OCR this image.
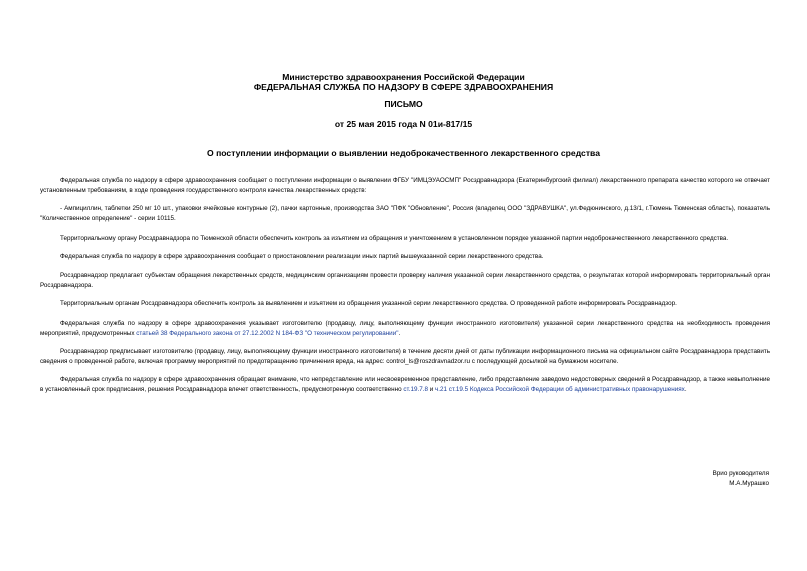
Министерство здравоохранения Российской Федерации
ФЕДЕРАЛЬНАЯ СЛУЖБА ПО НАДЗОРУ В СФЕРЕ ЗДРАВООХРАНЕНИЯ
ПИСЬМО
от 25 мая 2015 года N 01и-817/15
О поступлении информации о выявлении недоброкачественного лекарственного средства

Федеральная служба по надзору в сфере здравоохранения сообщает о поступлении информации о выявлении ФГБУ "ИМЦЭУАОСМП" Росздравнадзора (Екатеринбургский филиал) лекарственного препарата качество которого не отвечает установленным требованиям, в ходе проведения государственного контроля качества лекарственных средств:

- Ампициллин, таблетки 250 мг 10 шт., упаковки ячейковые контурные (2), пачки картонные, производства ЗАО "ПФК "Обновление", Россия (владелец ООО "ЗДРАВУШКА", ул.Федюнинского, д.13/1, г.Тюмень Тюменская область), показатель "Количественное определение" - серии 10115.

Территориальному органу Росздравнадзора по Тюменской области обеспечить контроль за изъятием из обращения и уничтожением в установленном порядке указанной партии недоброкачественного лекарственного средства.

Федеральная служба по надзору в сфере здравоохранения сообщает о приостановлении реализации иных партий вышеуказанной серии лекарственного средства.

Росздравнадзор предлагает субъектам обращения лекарственных средств, медицинским организациям провести проверку наличия указанной серии лекарственного средства, о результатах которой информировать территориальный орган Росздравнадзора.

Территориальным органам Росздравнадзора обеспечить контроль за выявлением и изъятием из обращения указанной серии лекарственного средства. О проведенной работе информировать Росздравнадзор.

Федеральная служба по надзору в сфере здравоохранения указывает изготовителю (продавцу, лицу, выполняющему функции иностранного изготовителя) указанной серии лекарственного средства на необходимость проведения мероприятий, предусмотренных статьей 38 Федерального закона от 27.12.2002 N 184-ФЗ "О техническом регулировании".

Росздравнадзор предписывает изготовителю (продавцу, лицу, выполняющему функции иностранного изготовителя) в течение десяти дней от даты публикации информационного письма на официальном сайте Росздравнадзора представить сведения о проведенной работе, включая программу мероприятий по предотвращению причинения вреда, на адрес: control_ls@roszdravnadzor.ru с последующей досылкой на бумажном носителе.

Федеральная служба по надзору в сфере здравоохранения обращает внимание, что непредставление или несвоевременное представление, либо представление заведомо недостоверных сведений в Росздравнадзор, а также невыполнение в установленный срок предписания, решения Росздравнадзора влечет ответственность, предусмотренную соответственно ст.19.7.8 и ч.21 ст.19.5 Кодекса Российской Федерации об административных правонарушениях.

Врио руководителя
М.А.Мурашко
